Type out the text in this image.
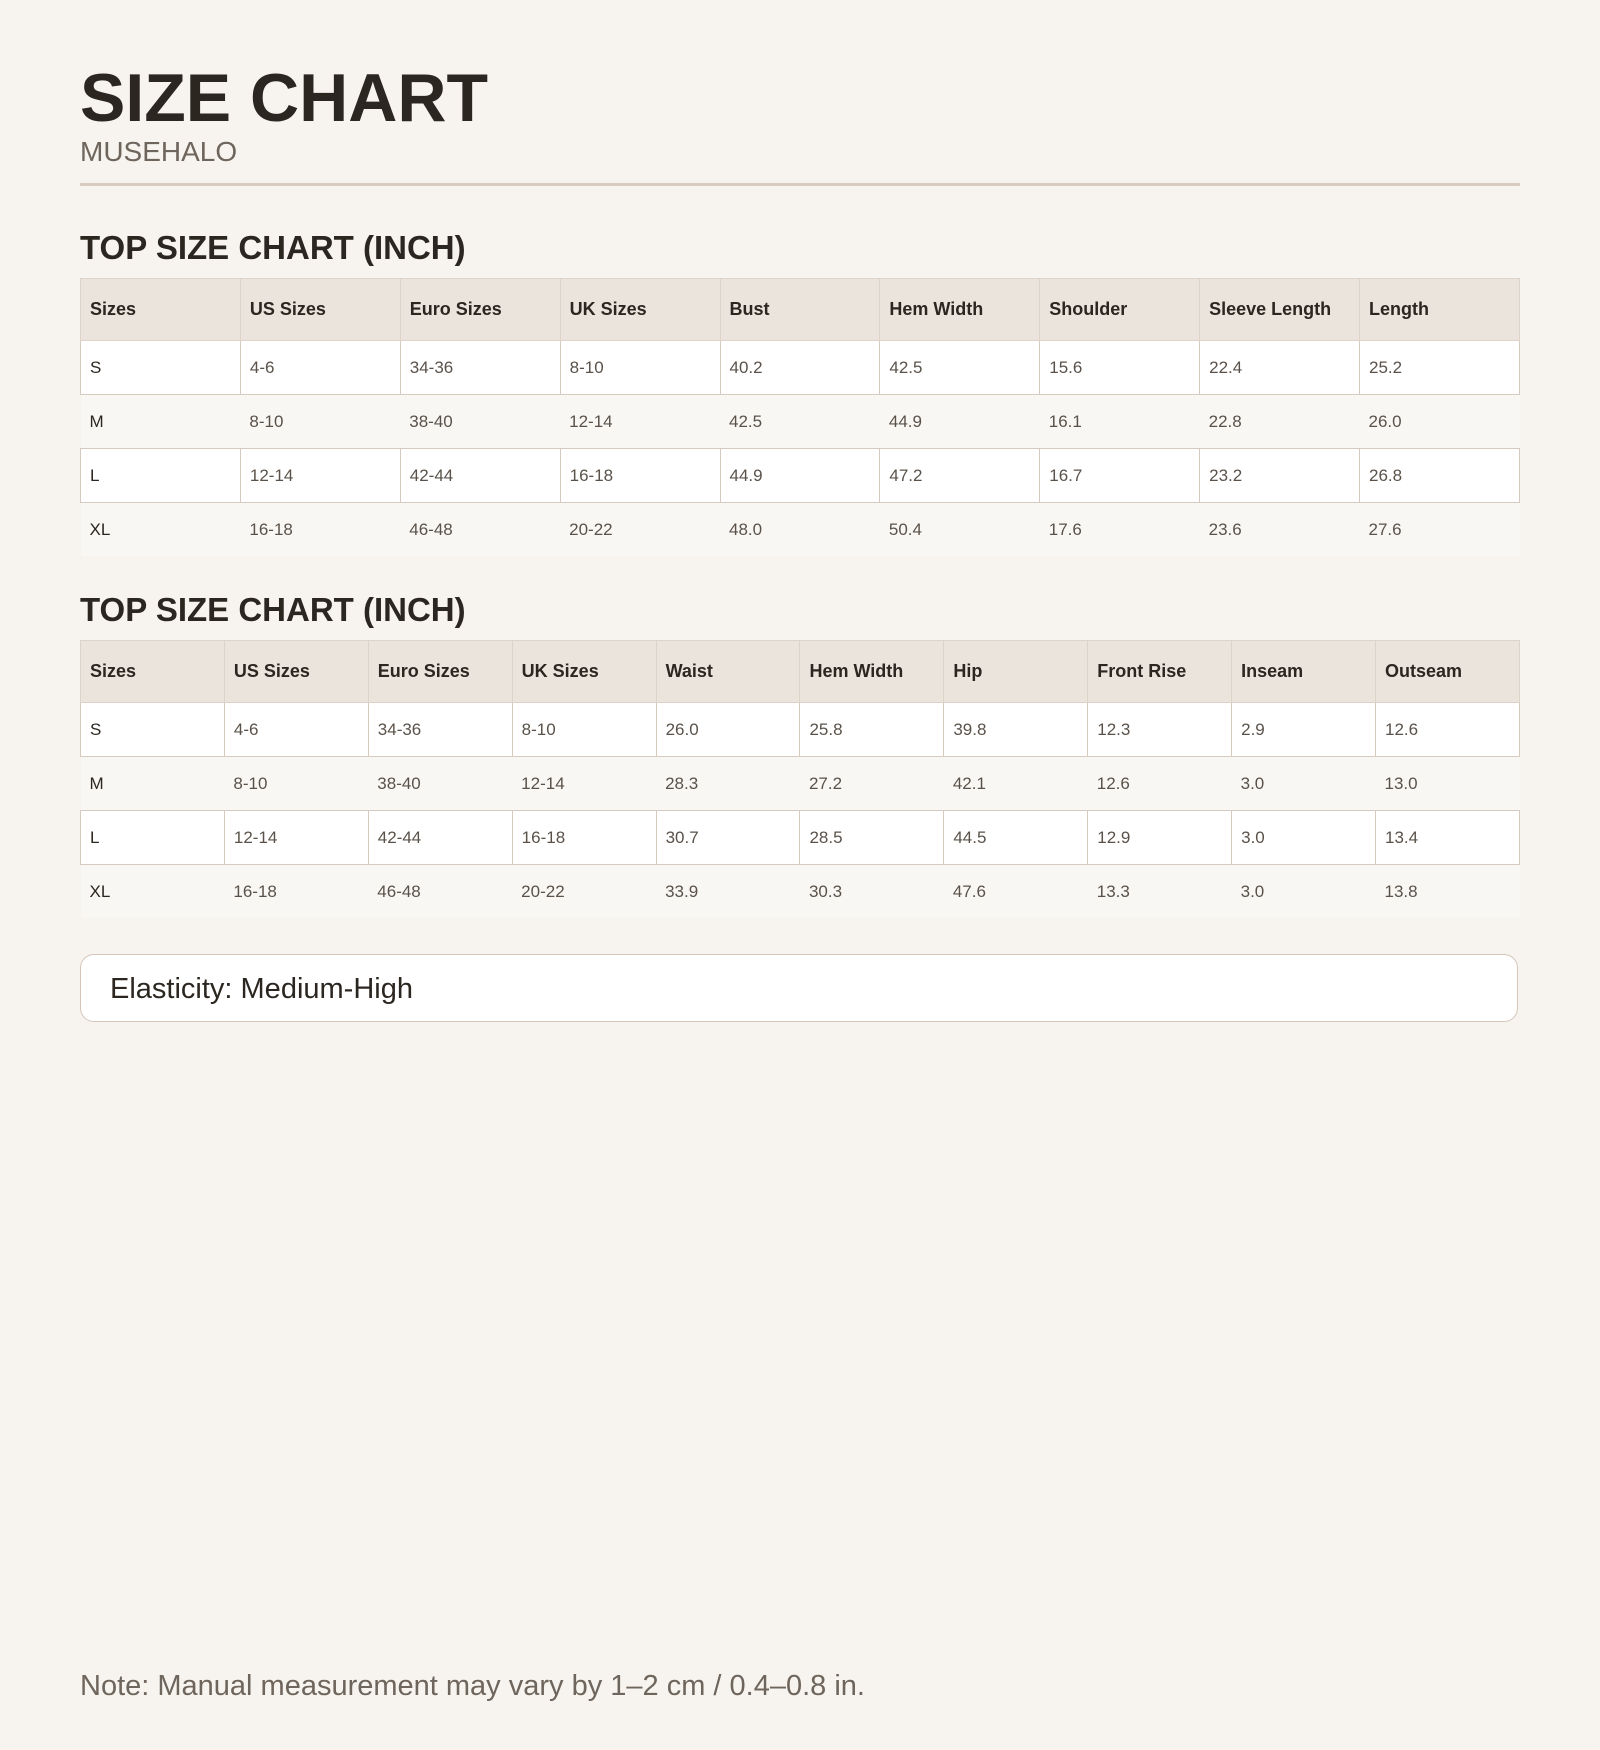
SIZE CHART

MUSEHALO

TOP SIZE CHART (INCH)
Sizes	US Sizes	Euro Sizes	UK Sizes	Bust	Hem Width	Shoulder	Sleeve Length	Length
S	4-6	34-36	8-10	40.2	42.5	15.6	22.4	25.2
M	8-10	38-40	12-14	42.5	44.9	16.1	22.8	26.0
L	12-14	42-44	16-18	44.9	47.2	16.7	23.2	26.8
XL	16-18	46-48	20-22	48.0	50.4	17.6	23.6	27.6
TOP SIZE CHART (INCH)
Sizes	US Sizes	Euro Sizes	UK Sizes	Waist	Hem Width	Hip	Front Rise	Inseam	Outseam
S	4-6	34-36	8-10	26.0	25.8	39.8	12.3	2.9	12.6
M	8-10	38-40	12-14	28.3	27.2	42.1	12.6	3.0	13.0
L	12-14	42-44	16-18	30.7	28.5	44.5	12.9	3.0	13.4
XL	16-18	46-48	20-22	33.9	30.3	47.6	13.3	3.0	13.8
Elasticity: Medium-High

Note: Manual measurement may vary by 1–2 cm / 0.4–0.8 in.
